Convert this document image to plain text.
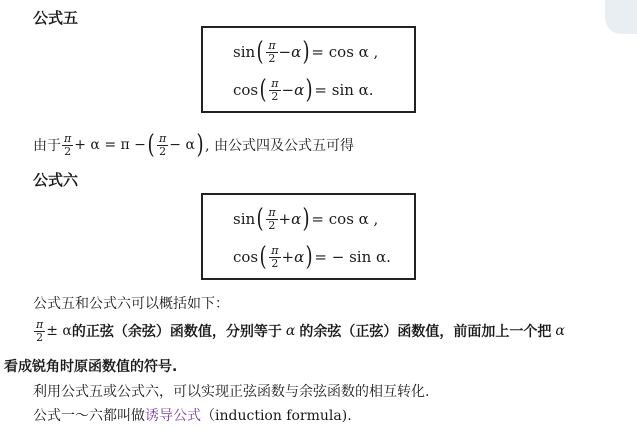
公式五
sin ( $\frac{\pi}{2} - \alpha$ ) = cos α ,
cos ( $\frac{\pi}{2} - \alpha$ ) = sin α.
由于 $\frac{\pi}{2} + \alpha = \pi$ − ( $\frac{\pi}{2} - \alpha$ ) , 由公式四及公式五可得
公式六
sin ( $\frac{\pi}{2} + \alpha$ ) = cos α ,
cos ( $\frac{\pi}{2} + \alpha$ ) = − sin α.
公式五和公式六可以概括如下：
$\frac{\pi}{2} \pm \alpha$ 的正弦（余弦）函数值，分别等于 α 的余弦（正弦）函数值，前面加上一个把 α
看成锐角时原函数值的符号.
利用公式五或公式六，可以实现正弦函数与余弦函数的相互转化.
公式一～六都叫做诱导公式（induction formula).
